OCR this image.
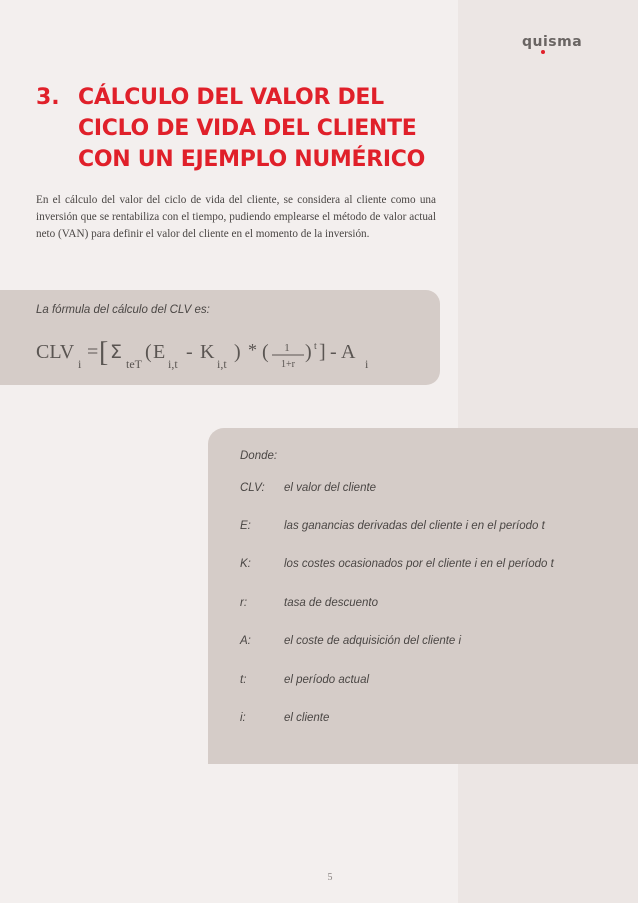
quisma
3. CÁLCULO DEL VALOR DEL
CICLO DE VIDA DEL CLIENTE
CON UN EJEMPLO NUMÉRICO

En el cálculo del valor del ciclo de vida del cliente, se considera al cliente como una inversión que se rentabiliza con el tiempo, pudiendo emplearse el método de valor actual neto (VAN) para definir el valor del cliente en el momento de la inversión.

La fórmula del cálculo del CLV es:
CLV
i
= [ Σ
teT
( E
i,t
- K
i,t
) * ( 1
1+r
) t ] - A
i
Donde:
CLV: el valor del cliente
E:	las ganancias derivadas del cliente i en el período t
K:	los costes ocasionados por el cliente i en el período t
r:	tasa de descuento
A:	el coste de adquisición del cliente i
t:	el período actual
i:	el cliente
5
